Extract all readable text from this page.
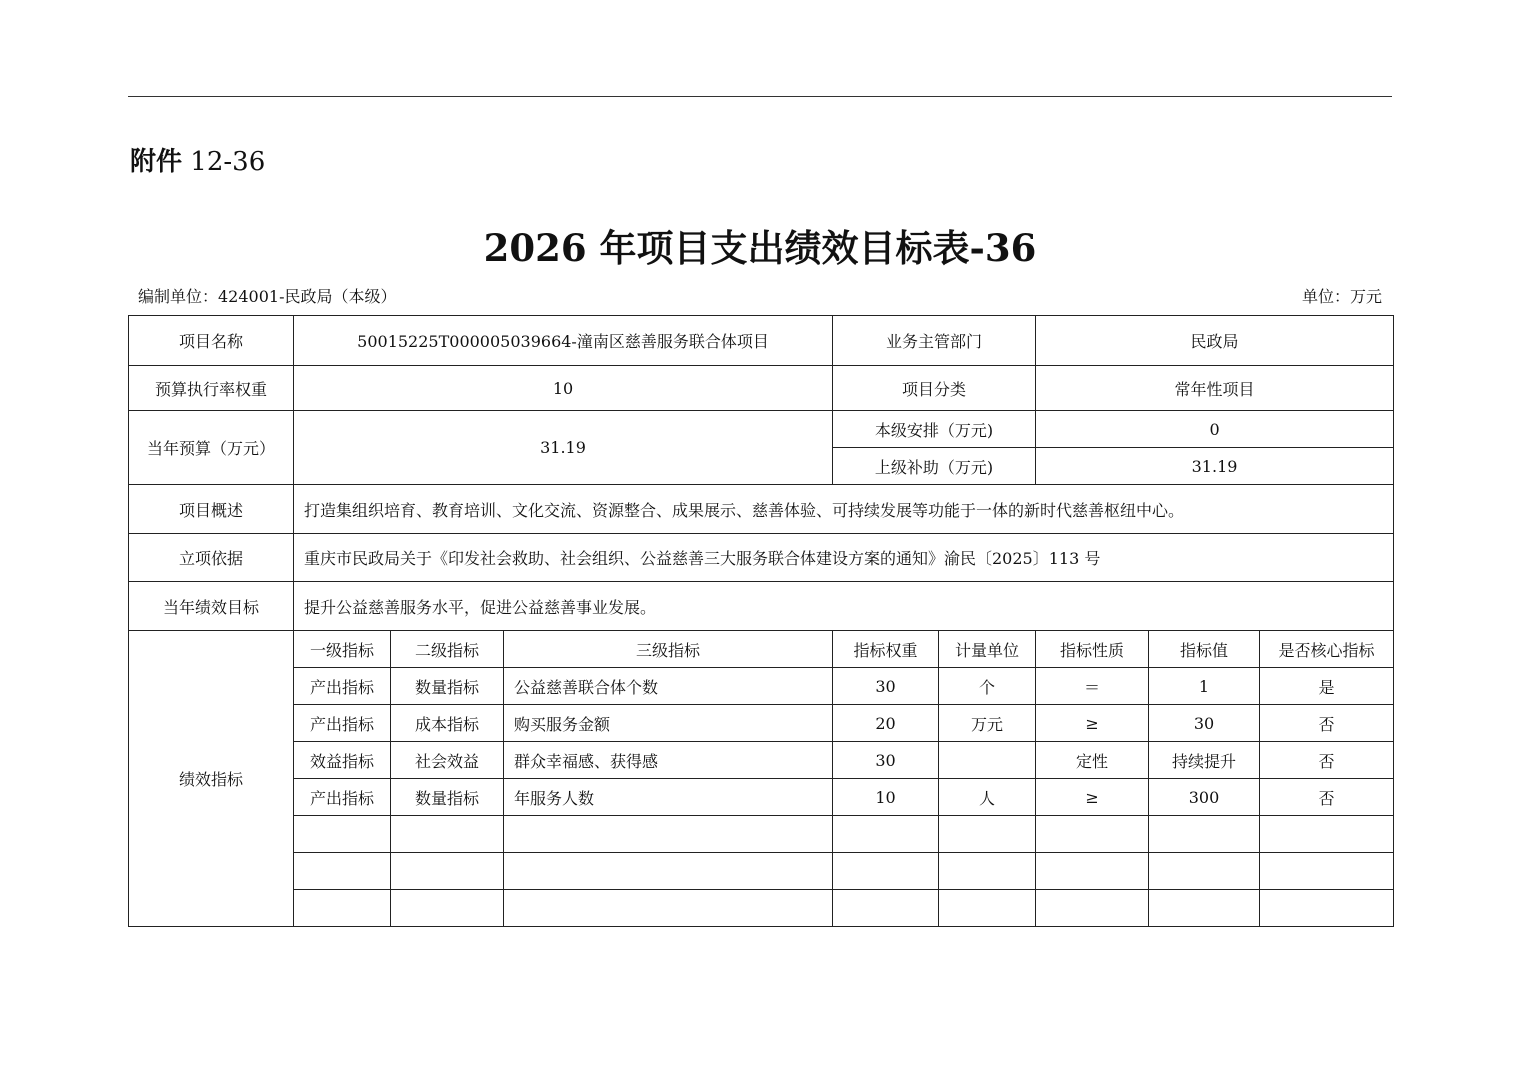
附件 12-36
2026 年项目支出绩效目标表-36
编制单位：424001-民政局（本级）	单位：万元
项目名称	50015225T000005039664-潼南区慈善服务联合体项目			业务主管部门		民政局		
预算执行率权重	10			项目分类		常年性项目		
当年预算（万元）	31.19			本级安排（万元)		0		
				上级补助（万元)		31.19		
项目概述	打造集组织培育、教育培训、文化交流、资源整合、成果展示、慈善体验、可持续发展等功能于一体的新时代慈善枢纽中心。							
立项依据	重庆市民政局关于《印发社会救助、社会组织、公益慈善三大服务联合体建设方案的通知》渝民〔2025〕113 号							
当年绩效目标	提升公益慈善服务水平，促进公益慈善事业发展。							
绩效指标	一级指标	二级指标	三级指标	指标权重	计量单位	指标性质	指标值	是否核心指标
	产出指标	数量指标	公益慈善联合体个数	30	个	＝	1	是
	产出指标	成本指标	购买服务金额	20	万元	≥	30	否
	效益指标	社会效益	群众幸福感、获得感	30		定性	持续提升	否
	产出指标	数量指标	年服务人数	10	人	≥	300	否
